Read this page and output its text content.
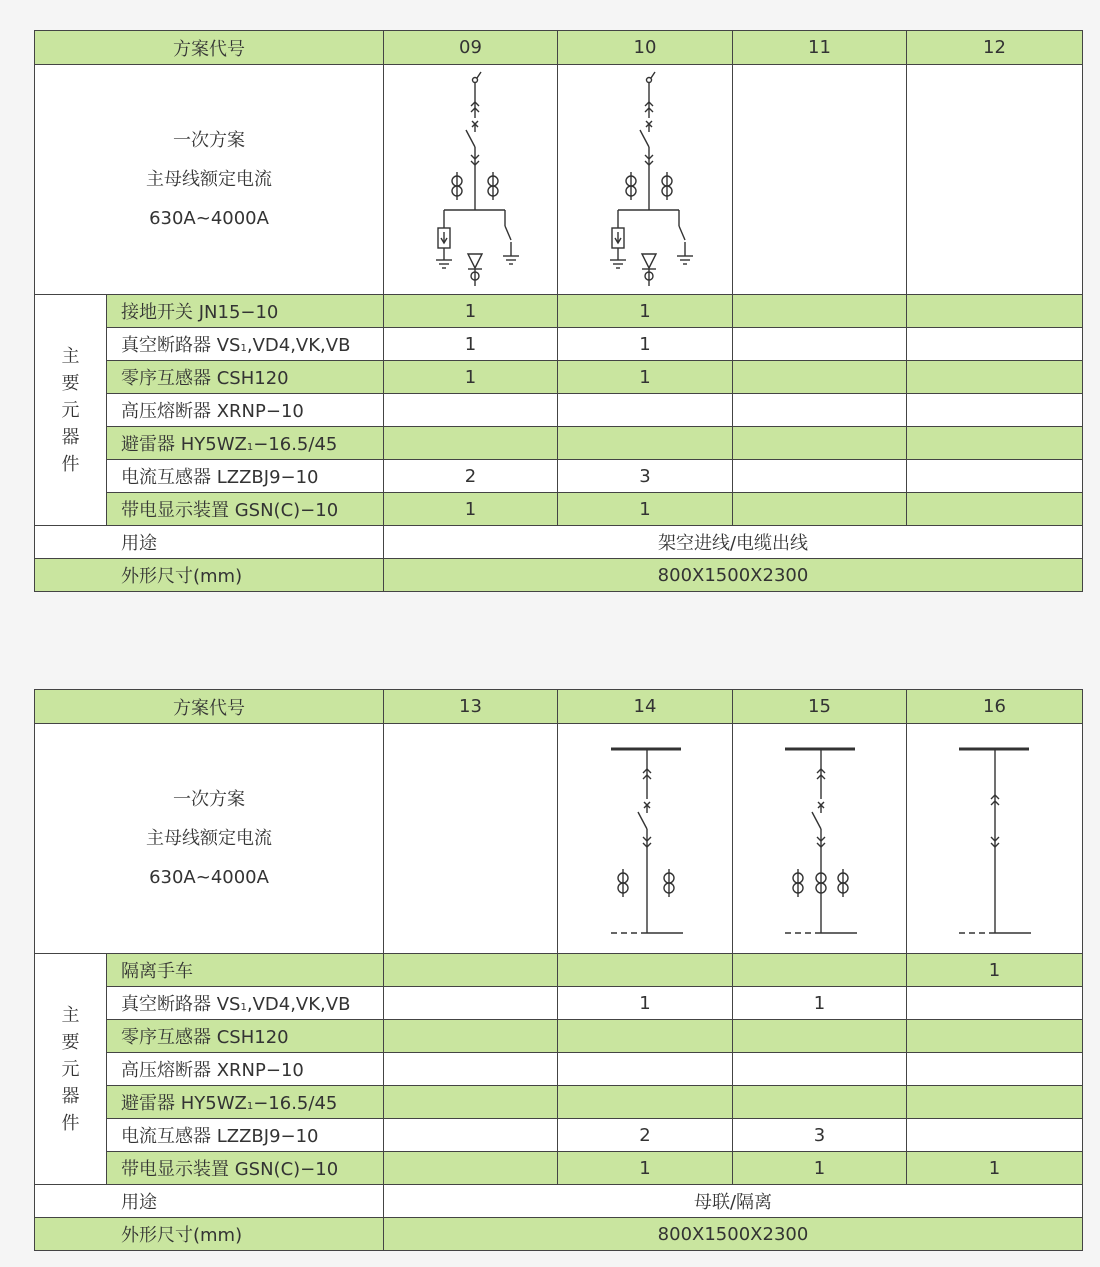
方案代号		09	10	11	12

一次方案
主母线额定电流
630A~4000A

主
要
元
器
件	接地开关 JN15−10	1	1		
	真空断路器 VS1,VD4,VK,VB	1	1		
	零序互感器 CSH120	1	1		
	高压熔断器 XRNP−10				
	避雷器 HY5WZ1−16.5/45				
	电流互感器 LZZBJ9−10	2	3		
	带电显示装置 GSN(C)−10	1	1		
用途		架空进线/电缆出线			
外形尺寸(mm)		800X1500X2300			
方案代号		13	14	15	16

一次方案
主母线额定电流
630A~4000A

主
要
元
器
件	隔离手车				1
	真空断路器 VS1,VD4,VK,VB		1	1	
	零序互感器 CSH120				
	高压熔断器 XRNP−10				
	避雷器 HY5WZ1−16.5/45				
	电流互感器 LZZBJ9−10		2	3	
	带电显示装置 GSN(C)−10		1	1	1
用途		母联/隔离			
外形尺寸(mm)		800X1500X2300			
